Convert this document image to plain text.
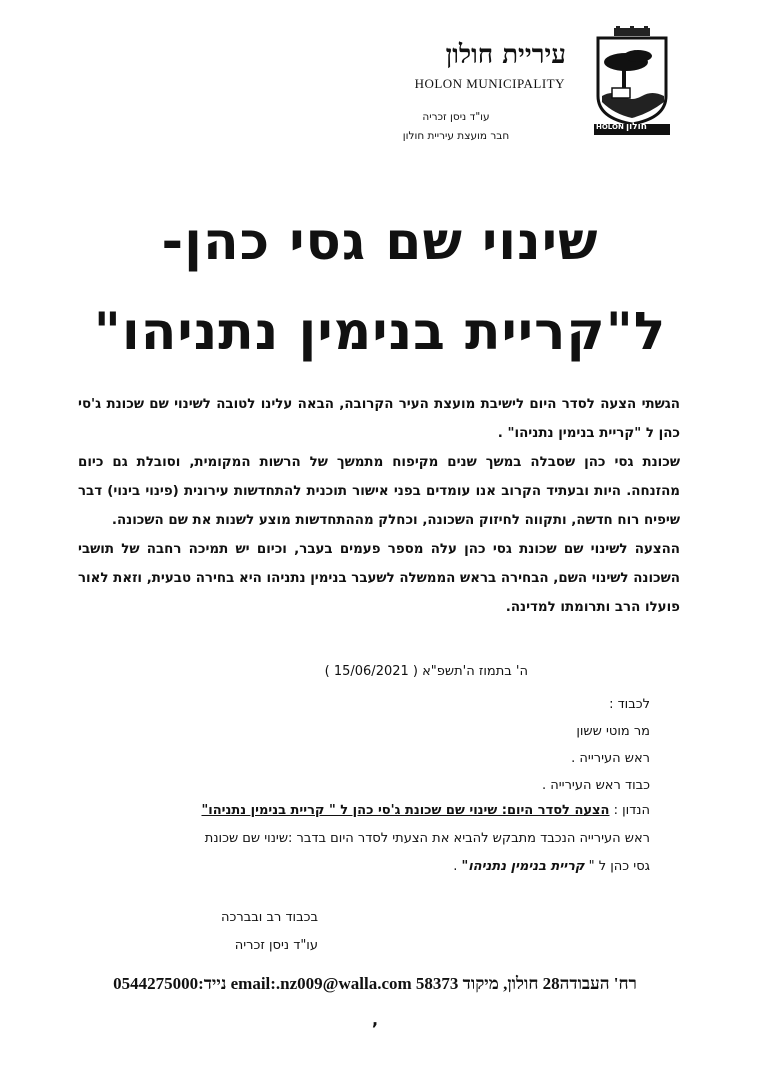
HOLON חולון
עיריית חולון
HOLON MUNICIPALITY
עו"ד ניסן זכריה
חבר מועצת עיריית חולון
שינוי שם גסי כהן-
ל"קריית בנימין נתניהו"

הגשתי הצעה לסדר היום לישיבת מועצת העיר הקרובה, הבאה עלינו לטובה לשינוי שם שכונת ג'סי כהן ל "קריית בנימין נתניהו" .

שכונת גסי כהן שסבלה במשך שנים מקיפוח מתמשך של הרשות המקומית, וסובלת גם כיום מהזנחה. היות ובעתיד הקרוב אנו עומדים בפני אישור תוכנית להתחדשות עירונית (פינוי בינוי) דבר שיפיח רוח חדשה, ותקווה לחיזוק השכונה, וכחלק מההתחדשות מוצע לשנות את שם השכונה.

ההצעה לשינוי שם שכונת גסי כהן עלה מספר פעמים בעבר, וכיום יש תמיכה רחבה של תושבי השכונה לשינוי השם, הבחירה בראש הממשלה לשעבר בנימין נתניהו היא בחירה טבעית, וזאת לאור פועלו הרב ותרומתו למדינה.

ה' בתמוז ה'תשפ"א ( 15/06/2021 )
לכבוד :
מר מוטי ששון
ראש העירייה .
כבוד ראש העירייה .
הנדון : הצעה לסדר היום: שינוי שם שכונת ג'סי כהן ל " קריית בנימין נתניהו"
ראש העירייה הנכבד מתבקש להביא את הצעתי לסדר היום בדבר :שינוי שם שכונת
גסי כהן ל " קריית בנימין נתניהו" .
בכבוד רב ובברכה
עו"ד ניסן זכריה
רח' העבודה28 חולון, מיקוד 58373 email:.nz009@walla.com נייד:0544275000
,
